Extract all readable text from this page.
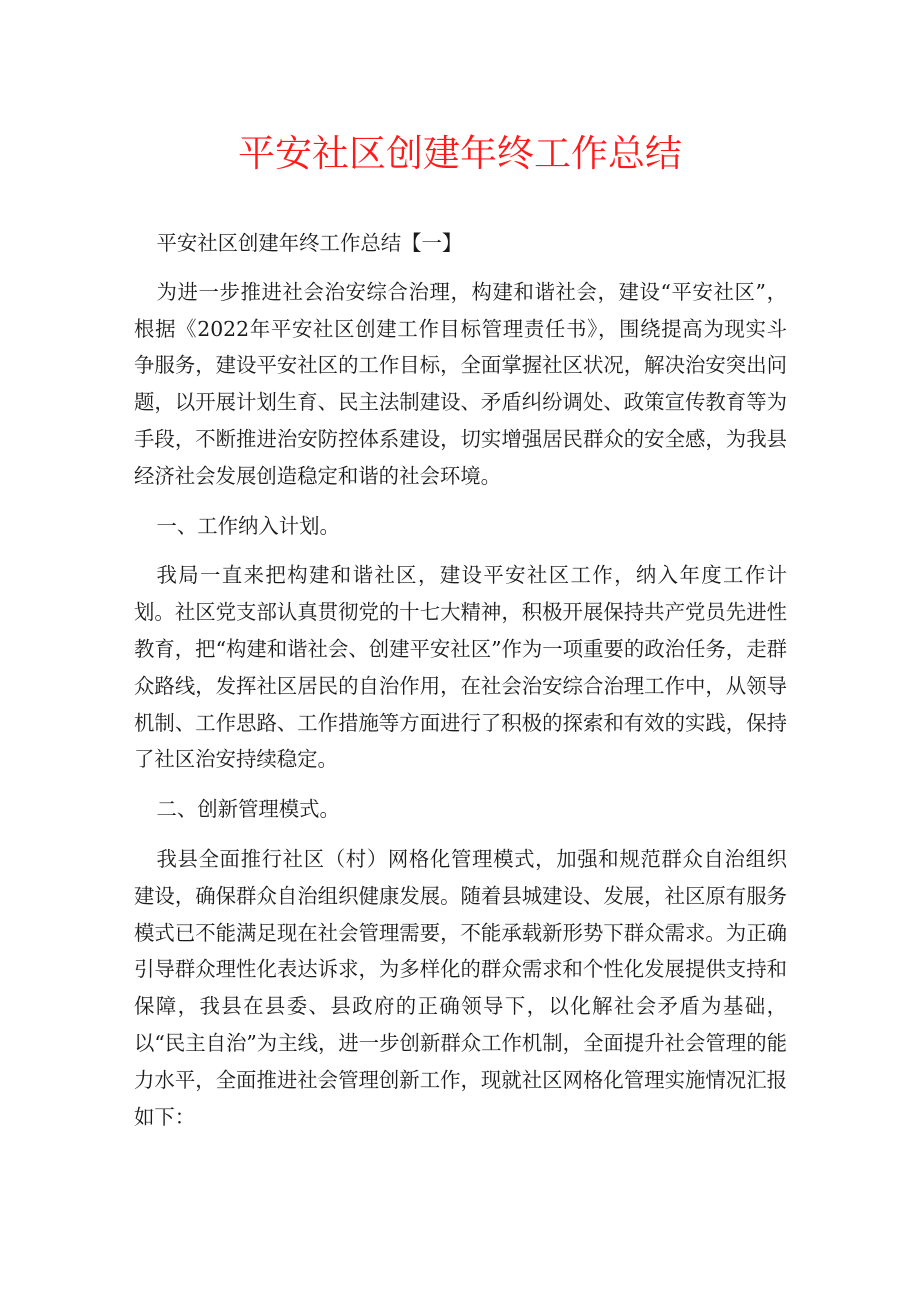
平安社区创建年终工作总结

平安社区创建年终工作总结【一】

为进一步推进社会治安综合治理，构建和谐社会，建设“平安社区”，根据《2022年平安社区创建工作目标管理责任书》，围绕提高为现实斗争服务，建设平安社区的工作目标，全面掌握社区状况，解决治安突出问题，以开展计划生育、民主法制建设、矛盾纠纷调处、政策宣传教育等为手段，不断推进治安防控体系建设，切实增强居民群众的安全感，为我县经济社会发展创造稳定和谐的社会环境。

一、工作纳入计划。

我局一直来把构建和谐社区，建设平安社区工作，纳入年度工作计划。社区党支部认真贯彻党的十七大精神，积极开展保持共产党员先进性教育，把“构建和谐社会、创建平安社区”作为一项重要的政治任务，走群众路线，发挥社区居民的自治作用，在社会治安综合治理工作中，从领导机制、工作思路、工作措施等方面进行了积极的探索和有效的实践，保持了社区治安持续稳定。

二、创新管理模式。

我县全面推行社区（村）网格化管理模式，加强和规范群众自治组织建设，确保群众自治组织健康发展。随着县城建设、发展，社区原有服务模式已不能满足现在社会管理需要，不能承载新形势下群众需求。为正确引导群众理性化表达诉求，为多样化的群众需求和个性化发展提供支持和保障，我县在县委、县政府的正确领导下，以化解社会矛盾为基础，以“民主自治”为主线，进一步创新群众工作机制，全面提升社会管理的能力水平，全面推进社会管理创新工作，现就社区网格化管理实施情况汇报如下：
